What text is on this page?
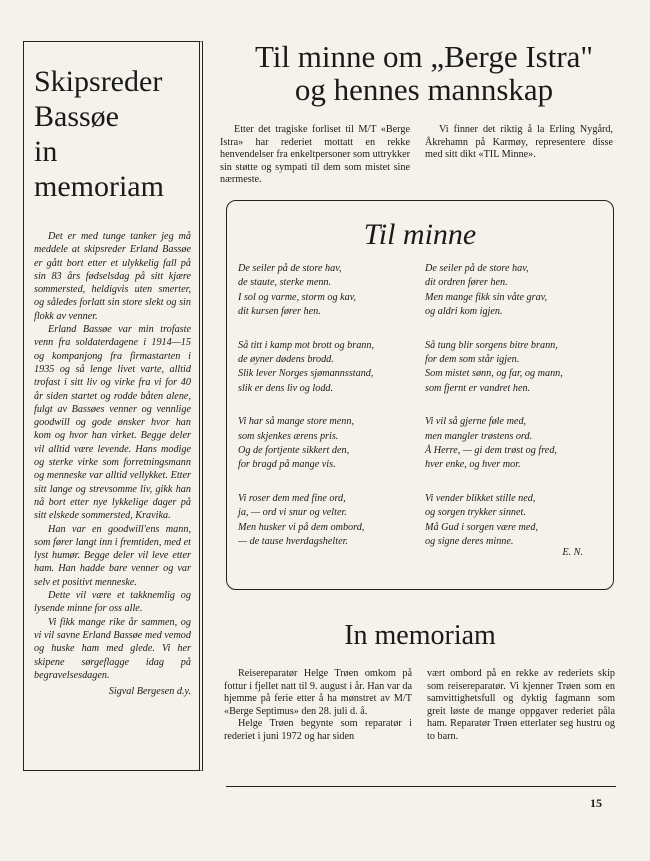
Skipsreder
Bassøe
in
memoriam

Det er med tunge tanker jeg må meddele at skipsreder Erland Bassøe er gått bort etter et ulykkelig fall på sin 83 års fødselsdag på sitt kjære sommersted, heldigvis uten smerter, og således forlatt sin store slekt og sin flokk av venner.

Erland Bassøe var min trofaste venn fra soldaterdagene i 1914—15 og kompanjong fra firmastarten i 1935 og så lenge livet varte, alltid trofast i sitt liv og virke fra vi for 40 år siden startet og rodde båten alene, fulgt av Bassøes venner og vennlige goodwill og gode ønsker hvor han kom og hvor han virket. Begge deler vil alltid være levende. Hans modige og sterke virke som forretningsmann og menneske var alltid vellykket. Etter sitt lange og strevsomme liv, gikk han nå bort etter nye lykkelige dager på sitt elskede sommersted, Kravika.

Han var en goodwill'ens mann, som fører langt inn i fremtiden, med et lyst humør. Begge deler vil leve etter ham. Han hadde bare venner og var selv et positivt menneske.

Dette vil være et takknemlig og lysende minne for oss alle.

Vi fikk mange rike år sammen, og vi vil savne Erland Bassøe med vemod og huske ham med glede. Vi her skipene sørgeflagge idag på begravelsesdagen.

Sigval Bergesen d.y.

Til minne om „Berge Istra"
og hennes mannskap

Etter det tragiske forliset til M/T «Berge Istra» har rederiet mottatt en rekke henvendelser fra enkeltpersoner som uttrykker sin støtte og sympati til dem som mistet sine nærmeste.

Vi finner det riktig å la Erling Nygård, Åkrehamn på Karmøy, representere disse med sitt dikt «TIL Minne».

Til minne
De seiler på de store hav,
de staute, sterke menn.
I sol og varme, storm og kav,
dit kursen fører hen.
Så titt i kamp mot brott og brann,
de øyner dødens brodd.
Slik lever Norges sjømannsstand,
slik er dens liv og lodd.
Vi har så mange store menn,
som skjenkes ærens pris.
Og de fortjente sikkert den,
for bragd på mange vis.
Vi roser dem med fine ord,
ja, — ord vi snur og velter.
Men husker vi på dem ombord,
— de tause hverdagshelter.
De seiler på de store hav,
dit ordren fører hen.
Men mange fikk sin våte grav,
og aldri kom igjen.
Så tung blir sorgens bitre brann,
for dem som står igjen.
Som mistet sønn, og far, og mann,
som fjernt er vandret hen.
Vi vil så gjerne føle med,
men mangler trøstens ord.
Å Herre, — gi dem trøst og fred,
hver enke, og hver mor.
Vi vender blikket stille ned,
og sorgen trykker sinnet.
Må Gud i sorgen være med,
og signe deres minne.
E. N.
In memoriam

Reisereparatør Helge Trøen omkom på fottur i fjellet natt til 9. august i år. Han var da hjemme på ferie etter å ha mønstret av M/T «Berge Septimus» den 28. juli d. å.

Helge Trøen begynte som reparatør i rederiet i juni 1972 og har siden

vært ombord på en rekke av rederiets skip som reisereparatør. Vi kjenner Trøen som en samvittighetsfull og dyktig fagmann som greit løste de mange oppgaver rederiet påla ham. Reparatør Trøen etterlater seg hustru og to barn.

15
